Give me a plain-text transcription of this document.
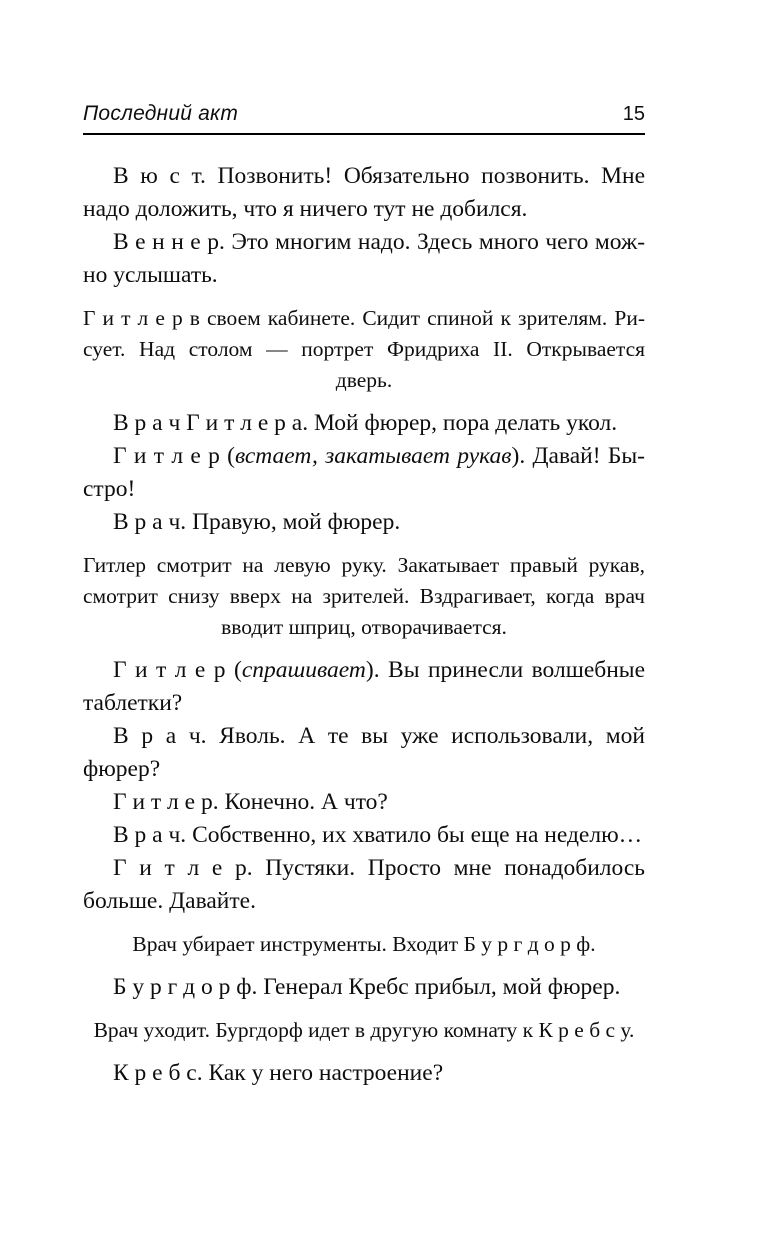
Последний акт	15

В ю с т. Позвонить! Обязательно позвонить. Мне надо доложить, что я ничего тут не добился.

В е н н е р. Это многим надо. Здесь много чего можно услышать.

Г и т л е р в своем кабинете. Сидит спиной к зрителям. Рисует. Над столом — портрет Фридриха II. Открывается дверь.

В р а ч Г и т л е р а. Мой фюрер, пора делать укол.

Г и т л е р (встает, закатывает рукав). Давай! Быстро!

В р а ч. Правую, мой фюрер.

Гитлер смотрит на левую руку. Закатывает правый рукав, смотрит снизу вверх на зрителей. Вздрагивает, когда врач вводит шприц, отворачивается.

Г и т л е р (спрашивает). Вы принесли волшебные таблетки?

В р а ч. Яволь. А те вы уже использовали, мой фюрер?

Г и т л е р. Конечно. А что?

В р а ч. Собственно, их хватило бы еще на неделю…

Г и т л е р. Пустяки. Просто мне понадобилось больше. Давайте.

Врач убирает инструменты. Входит Б у р г д о р ф.

Б у р г д о р ф. Генерал Кребс прибыл, мой фюрер.

Врач уходит. Бургдорф идет в другую комнату к К р е б с у.

К р е б с. Как у него настроение?
